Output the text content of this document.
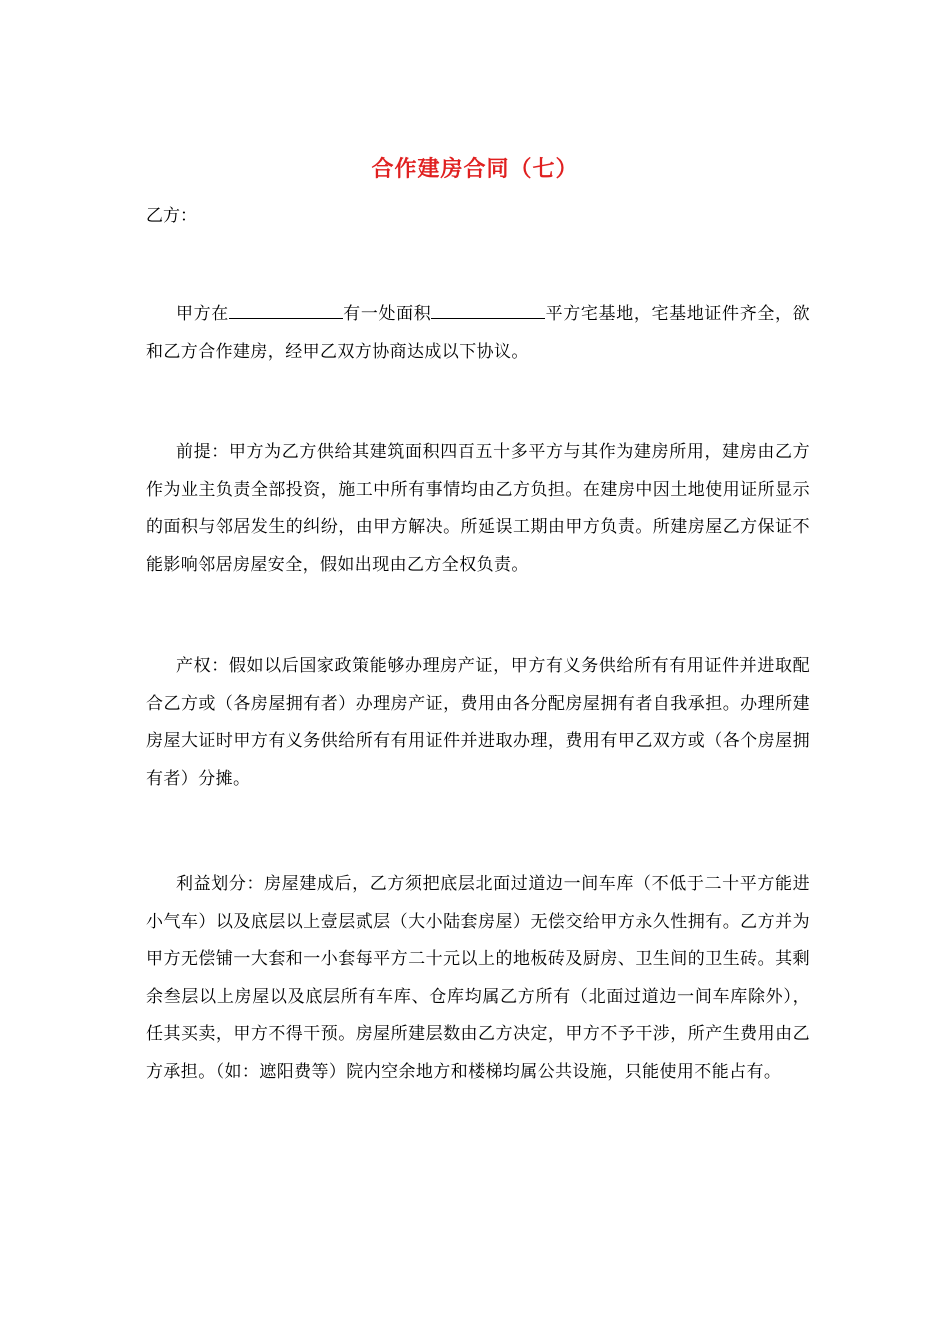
合作建房合同（七）
乙方：
甲方在	有一处面积	平方宅基地，宅基地证件齐全，欲和乙方合作建房，经甲乙双方协商达成以下协议。
前提：甲方为乙方供给其建筑面积四百五十多平方与其作为建房所用，建房由乙方作为业主负责全部投资，施工中所有事情均由乙方负担。在建房中因土地使用证所显示的面积与邻居发生的纠纷，由甲方解决。所延误工期由甲方负责。所建房屋乙方保证不能影响邻居房屋安全，假如出现由乙方全权负责。
产权：假如以后国家政策能够办理房产证，甲方有义务供给所有有用证件并进取配合乙方或（各房屋拥有者）办理房产证，费用由各分配房屋拥有者自我承担。办理所建房屋大证时甲方有义务供给所有有用证件并进取办理，费用有甲乙双方或（各个房屋拥有者）分摊。
利益划分：房屋建成后，乙方须把底层北面过道边一间车库（不低于二十平方能进小气车）以及底层以上壹层贰层（大小陆套房屋）无偿交给甲方永久性拥有。乙方并为甲方无偿铺一大套和一小套每平方二十元以上的地板砖及厨房、卫生间的卫生砖。其剩余叁层以上房屋以及底层所有车库、仓库均属乙方所有（北面过道边一间车库除外），任其买卖，甲方不得干预。房屋所建层数由乙方决定，甲方不予干涉，所产生费用由乙方承担。（如：遮阳费等）院内空余地方和楼梯均属公共设施，只能使用不能占有。
